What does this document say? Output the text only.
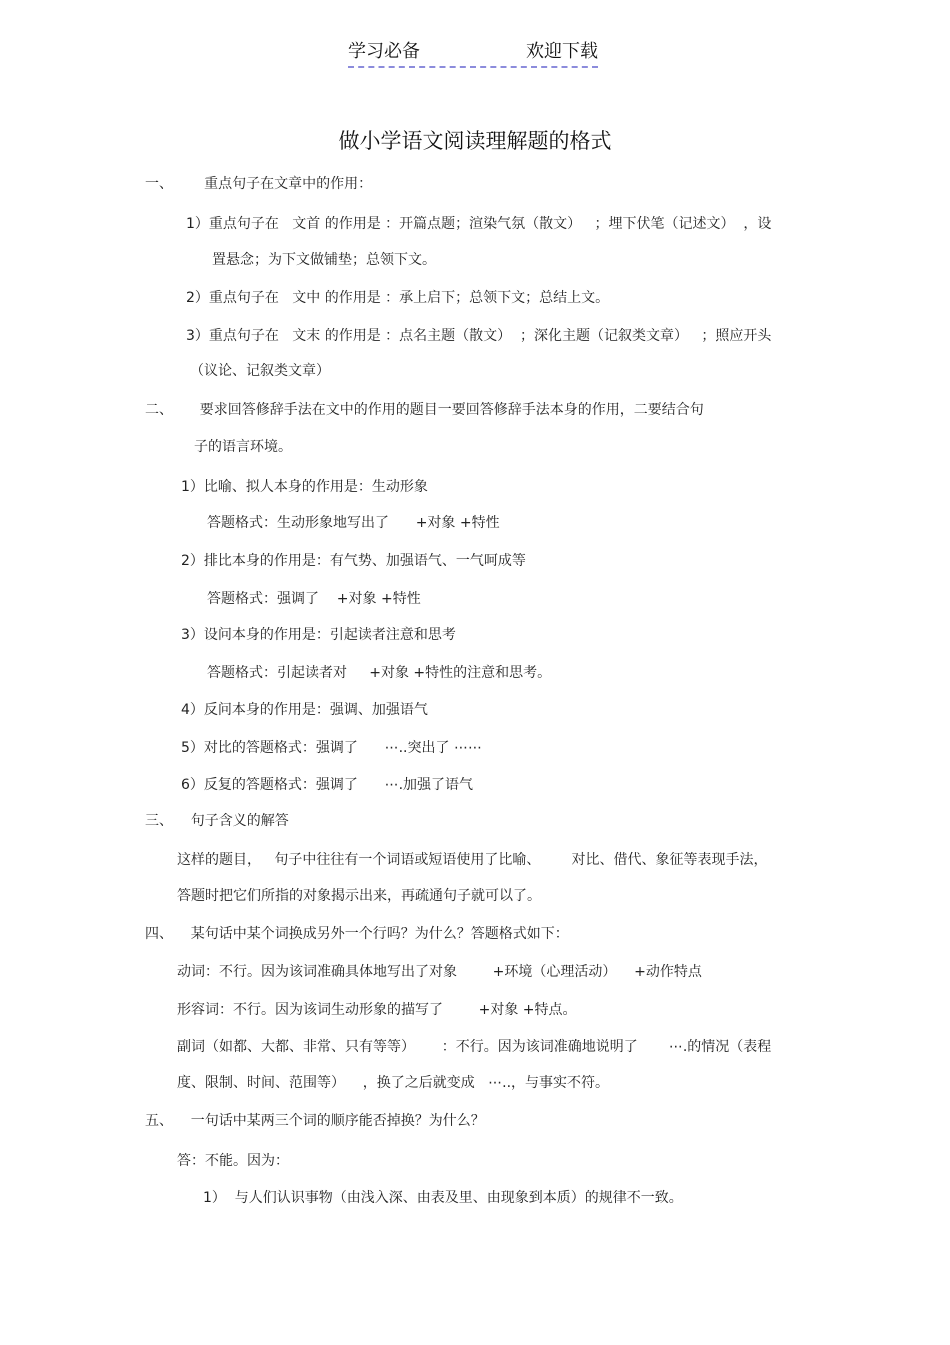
学习必备	欢迎下载
做小学语文阅读理解题的格式
一、       重点句子在文章中的作用：
1）重点句子在   文首 的作用是 ：开篇点题；渲染气氛（散文）   ；埋下伏笔（记述文）  ，设
置悬念；为下文做铺垫；总领下文。
2）重点句子在   文中 的作用是 ：承上启下；总领下文；总结上文。
3）重点句子在   文末 的作用是 ：点名主题（散文）  ；深化主题（记叙类文章）   ；照应开头
（议论、记叙类文章）
二、      要求回答修辞手法在文中的作用的题目一要回答修辞手法本身的作用，二要结合句
子的语言环境。
1）比喻、拟人本身的作用是：生动形象
答题格式：生动形象地写出了      +对象 +特性
2）排比本身的作用是：有气势、加强语气、一气呵成等
答题格式：强调了    +对象 +特性
3）设问本身的作用是：引起读者注意和思考
答题格式：引起读者对     +对象 +特性的注意和思考。
4）反问本身的作用是：强调、加强语气
5）对比的答题格式：强调了      ⋯..突出了 ⋯⋯
6）反复的答题格式：强调了      ⋯.加强了语气
三、    句子含义的解答
这样的题目，   句子中往往有一个词语或短语使用了比喻、       对比、借代、象征等表现手法，
答题时把它们所指的对象揭示出来，再疏通句子就可以了。
四、    某句话中某个词换成另外一个行吗？为什么？答题格式如下：
动词：不行。因为该词准确具体地写出了对象        +环境（心理活动）    +动作特点
形容词：不行。因为该词生动形象的描写了        +对象 +特点。
副词（如都、大都、非常、只有等等）      ：不行。因为该词准确地说明了       ⋯.的情况（表程
度、限制、时间、范围等）    ，换了之后就变成   ⋯..，与事实不符。
五、    一句话中某两三个词的顺序能否掉换？为什么？
答：不能。因为：
1）  与人们认识事物（由浅入深、由表及里、由现象到本质）的规律不一致。
